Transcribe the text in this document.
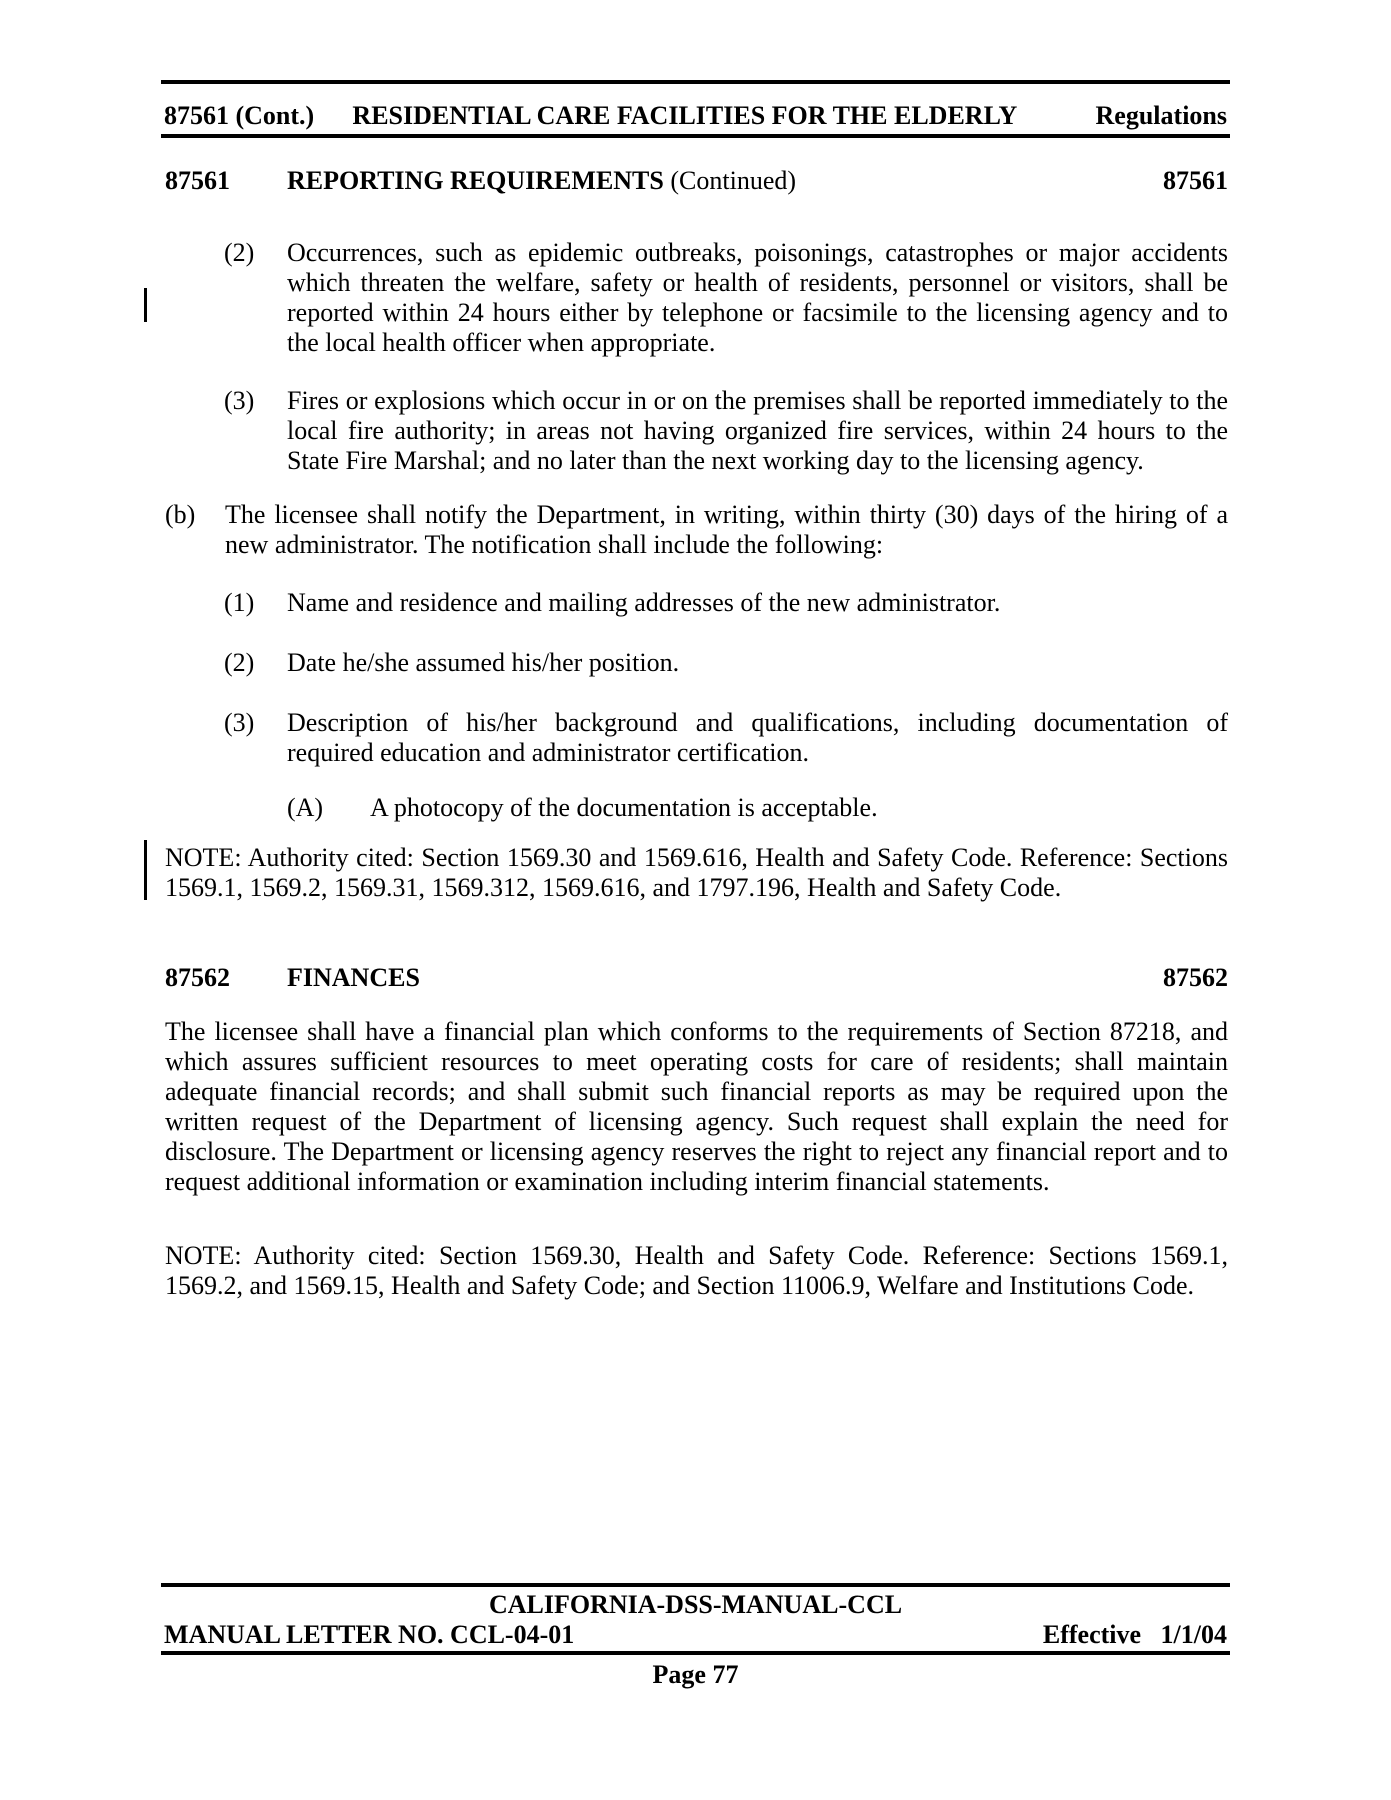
87561 (Cont.)	RESIDENTIAL CARE FACILITIES FOR THE ELDERLY	Regulations
87561	REPORTING REQUIREMENTS (Continued)	87561
(2)	Occurrences, such as epidemic outbreaks, poisonings, catastrophes or major accidents which threaten the welfare, safety or health of residents, personnel or visitors, shall be reported within 24 hours either by telephone or facsimile to the licensing agency and to the local health officer when appropriate.
(3)	Fires or explosions which occur in or on the premises shall be reported immediately to the local fire authority; in areas not having organized fire services, within 24 hours to the State Fire Marshal; and no later than the next working day to the licensing agency.
(b)	The licensee shall notify the Department, in writing, within thirty (30) days of the hiring of a new administrator. The notification shall include the following:
(1)	Name and residence and mailing addresses of the new administrator.
(2)	Date he/she assumed his/her position.
(3)	Description of his/her background and qualifications, including documentation of required education and administrator certification.
(A)	A photocopy of the documentation is acceptable.
NOTE: Authority cited: Section 1569.30 and 1569.616, Health and Safety Code. Reference: Sections 1569.1, 1569.2, 1569.31, 1569.312, 1569.616, and 1797.196, Health and Safety Code.
87562	FINANCES	87562
The licensee shall have a financial plan which conforms to the requirements of Section 87218, and which assures sufficient resources to meet operating costs for care of residents; shall maintain adequate financial records; and shall submit such financial reports as may be required upon the written request of the Department of licensing agency. Such request shall explain the need for disclosure. The Department or licensing agency reserves the right to reject any financial report and to request additional information or examination including interim financial statements.
NOTE: Authority cited: Section 1569.30, Health and Safety Code. Reference: Sections 1569.1, 1569.2, and 1569.15, Health and Safety Code; and Section 11006.9, Welfare and Institutions Code.
CALIFORNIA-DSS-MANUAL-CCL
MANUAL LETTER NO. CCL-04-01	Effective   1/1/04
Page 77
